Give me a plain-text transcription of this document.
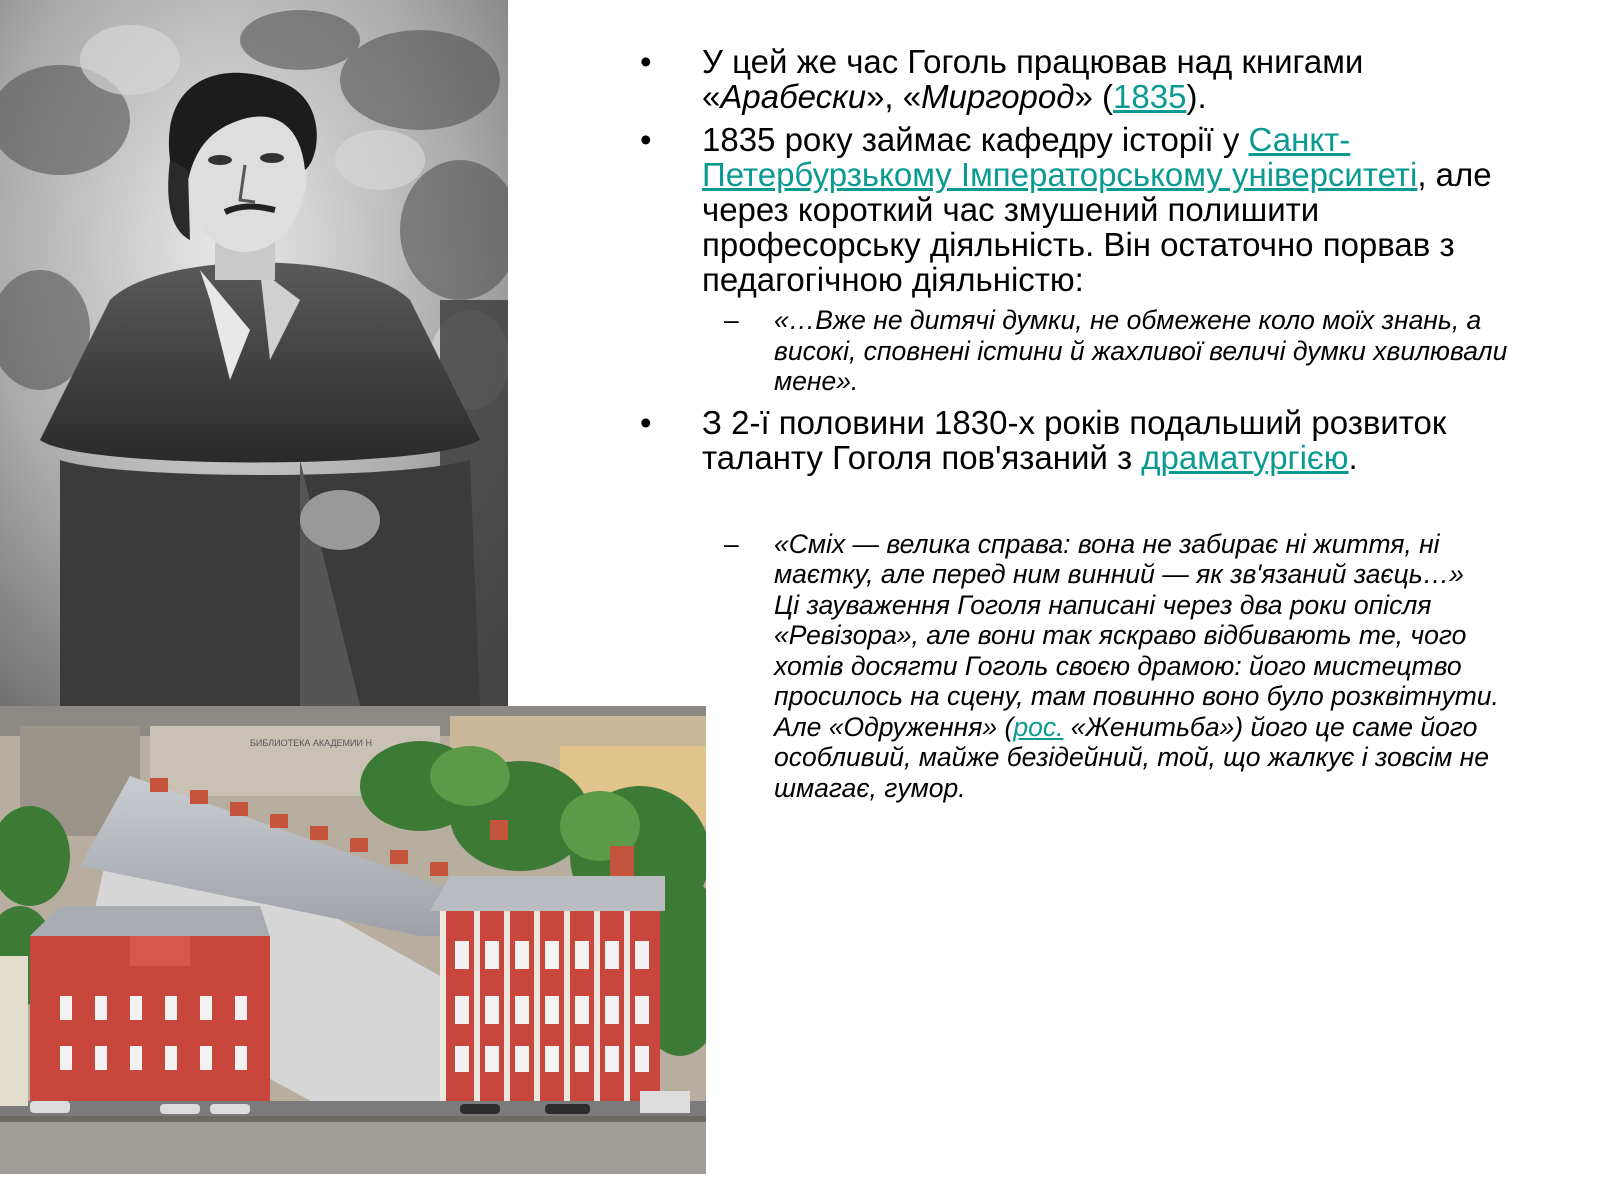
БИБЛИОТЕКА АКАДЕМИИ Н
• У цей же час Гоголь працював над книгами «Арабески», «Миргород» (1835).
• 1835 року займає кафедру історії у Санкт-Петербурзькому Імператорському університеті, але через короткий час змушений полишити професорську діяльність. Він остаточно порвав з педагогічною діяльністю:
– «…Вже не дитячі думки, не обмежене коло моїх знань, а високі, сповнені істини й жахливої величі думки хвилювали мене».
• З 2-ї половини 1830-х років подальший розвиток таланту Гоголя пов'язаний з драматургією.
– «Сміх — велика справа: вона не забирає ні життя, ні маєтку, але перед ним винний — як зв'язаний заєць…»
Ці зауваження Гоголя написані через два роки опісля «Ревізора», але вони так яскраво відбивають те, чого хотів досягти Гоголь своєю драмою: його мистецтво просилось на сцену, там повинно воно було розквітнути. Але «Одруження» (рос. «Женитьба») його це саме його особливий, майже безідейний, той, що жалкує і зовсім не шмагає, гумор.
